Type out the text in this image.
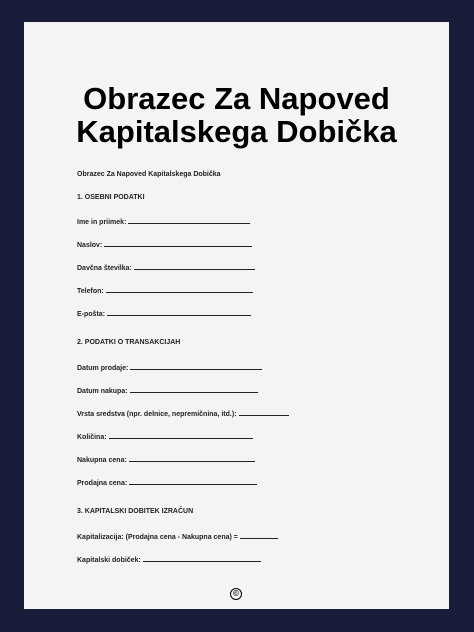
Obrazec Za Napoved
Kapitalskega Dobička
Obrazec Za Napoved Kapitalskega Dobička
1. OSEBNI PODATKI
Ime in priimek:
Naslov:
Davčna številka:
Telefon:
E-pošta:
2. PODATKI O TRANSAKCIJAH
Datum prodaje:
Datum nakupa:
Vrsta sredstva (npr. delnice, nepremičnina, itd.):
Količina:
Nakupna cena:
Prodajna cena:
3. KAPITALSKI DOBITEK IZRAČUN
Kapitalizacija: (Prodajna cena - Nakupna cena) =
Kapitalski dobiček:
©
